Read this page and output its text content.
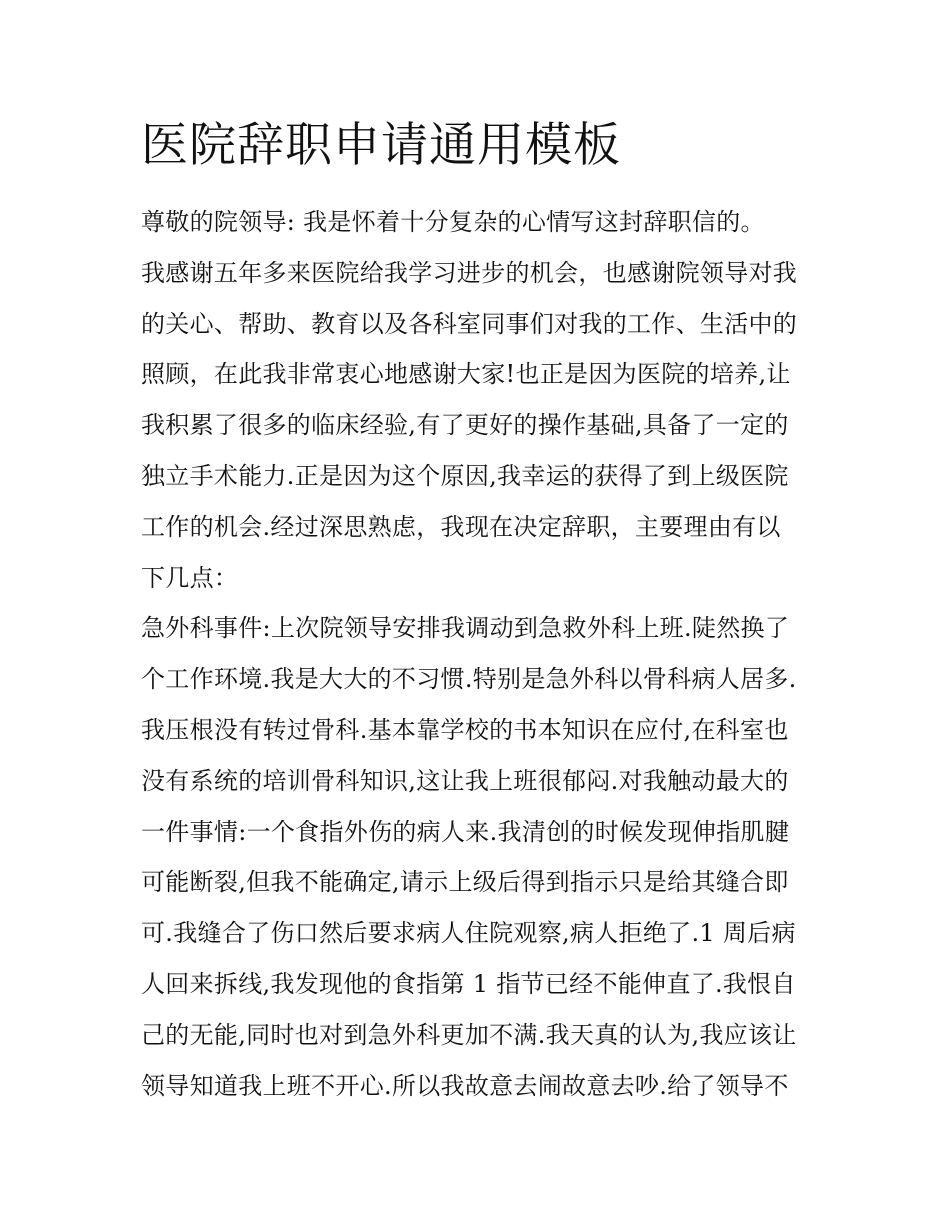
医院辞职申请通用模板
尊敬的院领导: 我是怀着十分复杂的心情写这封辞职信的。
我感谢五年多来医院给我学习进步的机会，也感谢院领导对我
的关心、帮助、教育以及各科室同事们对我的工作、生活中的
照顾，在此我非常衷心地感谢大家!也正是因为医院的培养,让
我积累了很多的临床经验,有了更好的操作基础,具备了一定的
独立手术能力.正是因为这个原因,我幸运的获得了到上级医院
工作的机会.经过深思熟虑，我现在决定辞职，主要理由有以
下几点：
急外科事件:上次院领导安排我调动到急救外科上班.陡然换了
个工作环境.我是大大的不习惯.特别是急外科以骨科病人居多.
我压根没有转过骨科.基本靠学校的书本知识在应付,在科室也
没有系统的培训骨科知识,这让我上班很郁闷.对我触动最大的
一件事情:一个食指外伤的病人来.我清创的时候发现伸指肌腱
可能断裂,但我不能确定,请示上级后得到指示只是给其缝合即
可.我缝合了伤口然后要求病人住院观察,病人拒绝了.1 周后病
人回来拆线,我发现他的食指第 1 指节已经不能伸直了.我恨自
己的无能,同时也对到急外科更加不满.我天真的认为,我应该让
领导知道我上班不开心.所以我故意去闹故意去吵.给了领导不
